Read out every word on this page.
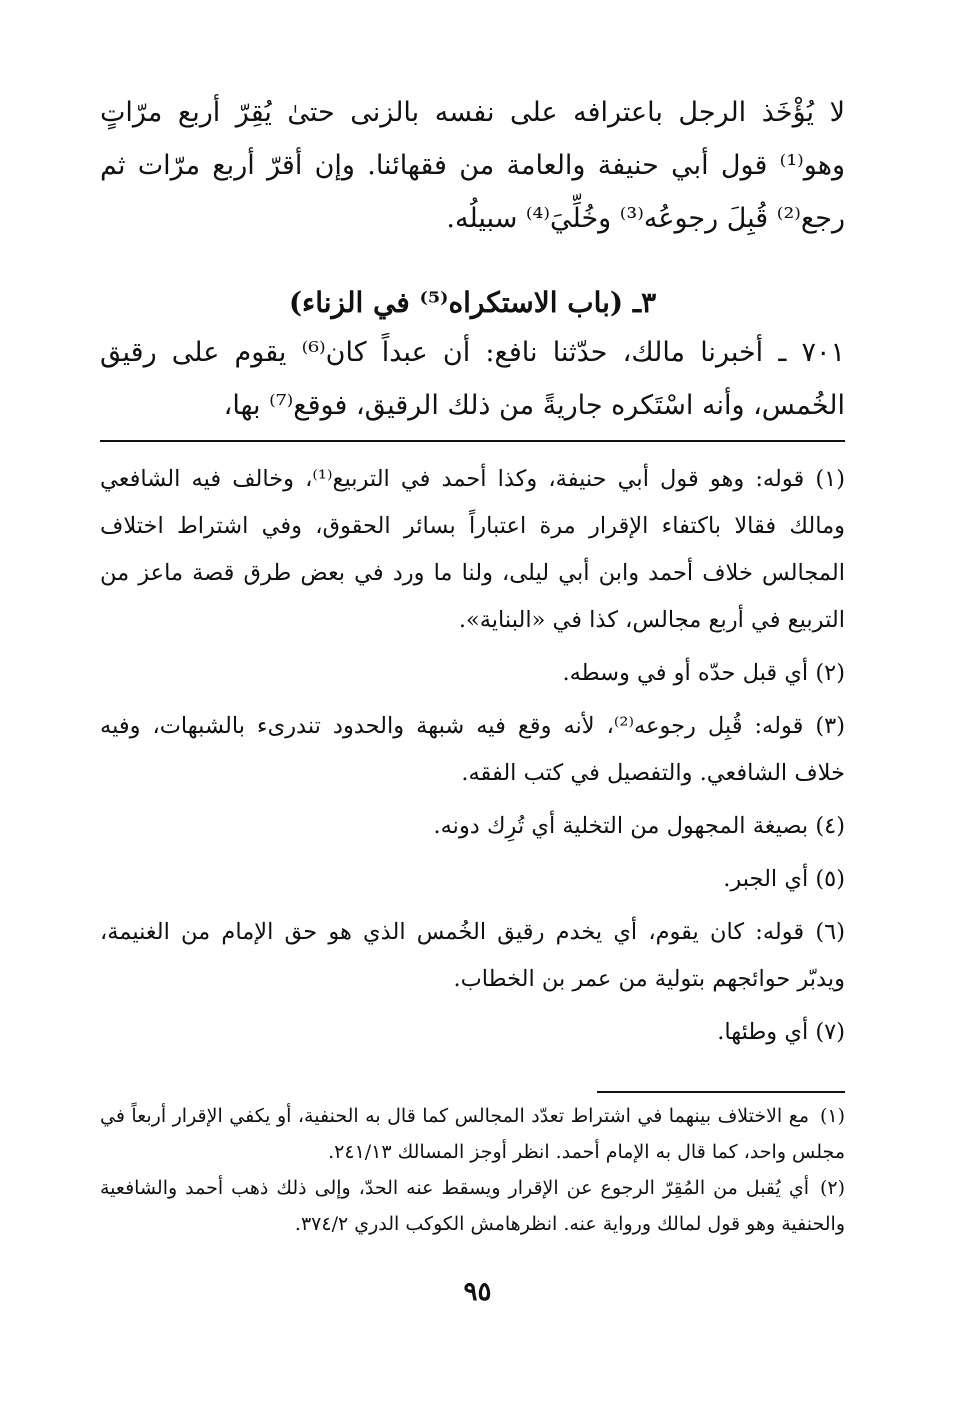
لا يُؤْخَذ الرجل باعترافه على نفسه بالزنى حتىٰ يُقِرّ أربع مرّاتٍ وهو⁽¹⁾ قول أبي حنيفة والعامة من فقهائنا. وإن أقرّ أربع مرّات ثم رجع⁽²⁾ قُبِلَ رجوعُه⁽³⁾ وخُلِّيَ⁽⁴⁾ سبيلُه.

٣ـ (باب الاستكراه⁽⁵⁾ في الزناء)

٧٠١ ـ أخبرنا مالك، حدّثنا نافع: أن عبداً كان⁽⁶⁾ يقوم على رقيق الخُمس، وأنه اسْتَكره جاريةً من ذلك الرقيق، فوقع⁽⁷⁾ بها،

(١) قوله: وهو قول أبي حنيفة، وكذا أحمد في التربيع⁽¹⁾، وخالف فيه الشافعي ومالك فقالا باكتفاء الإقرار مرة اعتباراً بسائر الحقوق، وفي اشتراط اختلاف المجالس خلاف أحمد وابن أبي ليلى، ولنا ما ورد في بعض طرق قصة ماعز من التربيع في أربع مجالس، كذا في «البناية».

(٢) أي قبل حدّه أو في وسطه.

(٣) قوله: قُبِل رجوعه⁽²⁾، لأنه وقع فيه شبهة والحدود تندرىء بالشبهات، وفيه خلاف الشافعي. والتفصيل في كتب الفقه.

(٤) بصيغة المجهول من التخلية أي تُرِك دونه.

(٥) أي الجبر.

(٦) قوله: كان يقوم، أي يخدم رقيق الخُمس الذي هو حق الإمام من الغنيمة، ويدبّر حوائجهم بتولية من عمر بن الخطاب.

(٧) أي وطئها.

(١)مع الاختلاف بينهما في اشتراط تعدّد المجالس كما قال به الحنفية، أو يكفي الإقرار أربعاً في مجلس واحد، كما قال به الإمام أحمد. انظر أوجز المسالك ٢٤١/١٣.

(٢)أي يُقبل من المُقِرّ الرجوع عن الإقرار ويسقط عنه الحدّ، وإلى ذلك ذهب أحمد والشافعية والحنفية وهو قول لمالك ورواية عنه. انظرهامش الكوكب الدري ٣٧٤/٢.

٩٥
